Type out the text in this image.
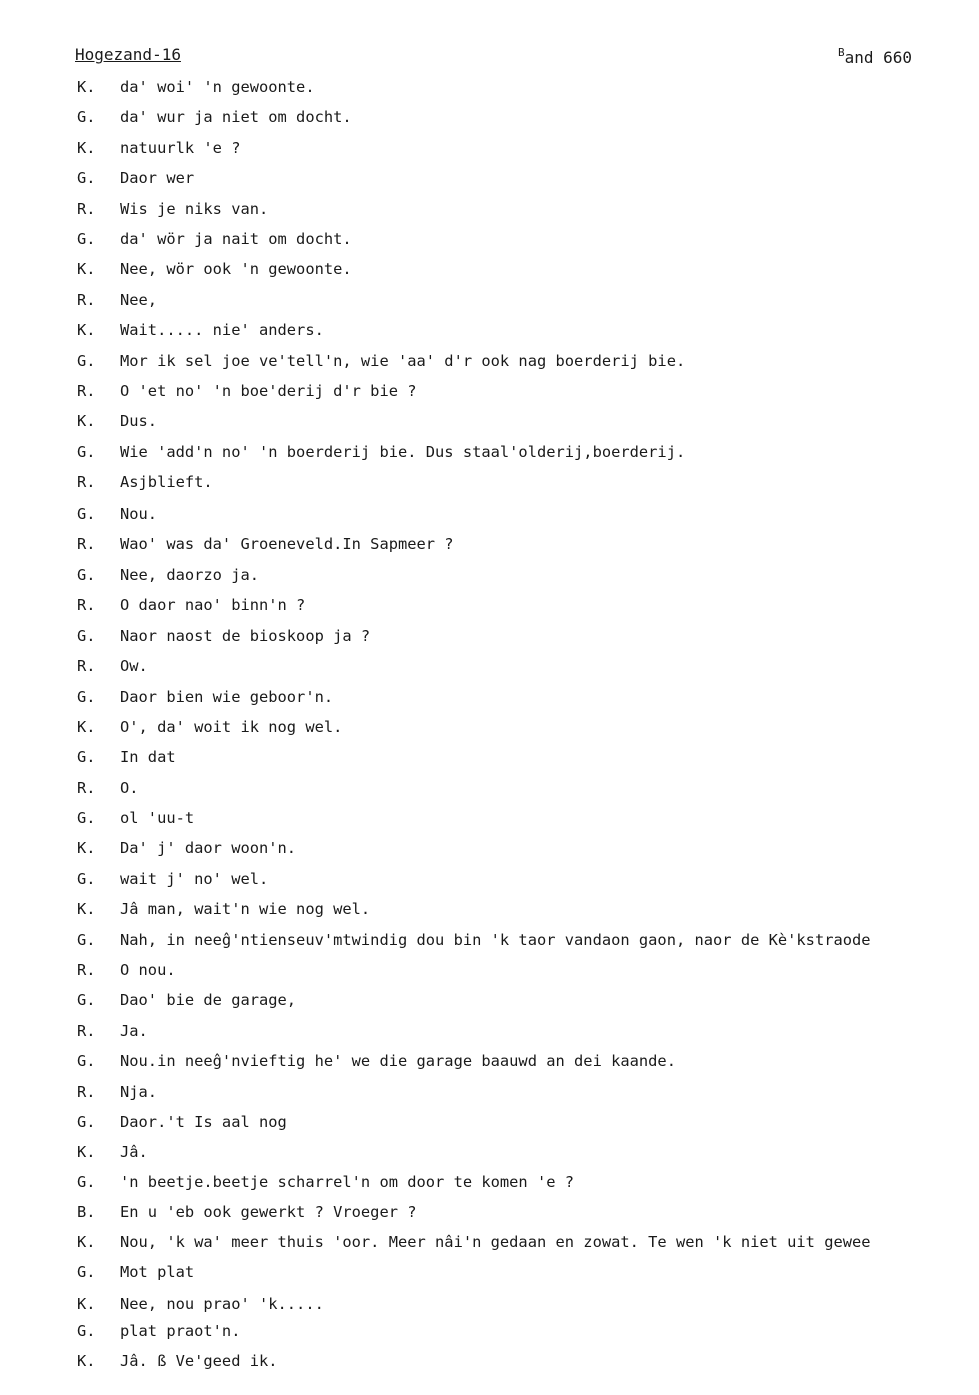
Hogezand-16	$^B$and 660
K.	da' woi' 'n gewoonte.
G.	da' wur ja niet om docht.
K.	natuurlk 'e ?
G.	Daor wer
R.	Wis je niks van.
G.	da' wör ja nait om docht.
K.	Nee, wör ook 'n gewoonte.
R.	Nee,
K.	Wait..... nie' anders.
G.	Mor ik sel joe ve'tell'n, wie 'aa' d'r ook nag boerderij bie.
R.	O 'et no' 'n boe'derij d'r bie ?
K.	Dus.
G.	Wie 'add'n no' 'n boerderij bie. Dus staal'olderij,boerderij.
R.	Asjblieft.
G.	Nou.
R.	Wao' was da' Groeneveld.In Sapmeer ?
G.	Nee, daorzo ja.
R.	O daor nao' binn'n ?
G.	Naor naost de bioskoop ja ?
R.	Ow.
G.	Daor bien wie geboor'n.
K.	O', da' woit ik nog wel.
G.	In dat
R.	O.
G.	ol 'uu-t
K.	Da' j' daor woon'n.
G.	wait j' no' wel.
K.	Jâ man, wait'n wie nog wel.
G.	Nah, in neeĝ'ntienseuv'mtwindig dou bin 'k taor vandaon gaon, naor de Kè'kstraode
R.	O nou.
G.	Dao' bie de garage,
R.	Ja.
G.	Nou.in neeĝ'nvieftig he' we die garage baauwd an dei kaande.
R.	Nja.
G.	Daor.'t Is aal nog
K.	Jâ.
G.	'n beetje.beetje scharrel'n om door te komen 'e ?
B.	En u 'eb ook gewerkt ? Vroeger ?
K.	Nou, 'k wa' meer thuis 'oor. Meer nâi'n gedaan en zowat. Te wen 'k niet uit gewee
G.	Mot plat
K.	Nee, nou prao' 'k.....
G.	plat praot'n.
K.	Jâ. ß Ve'geed ik.
